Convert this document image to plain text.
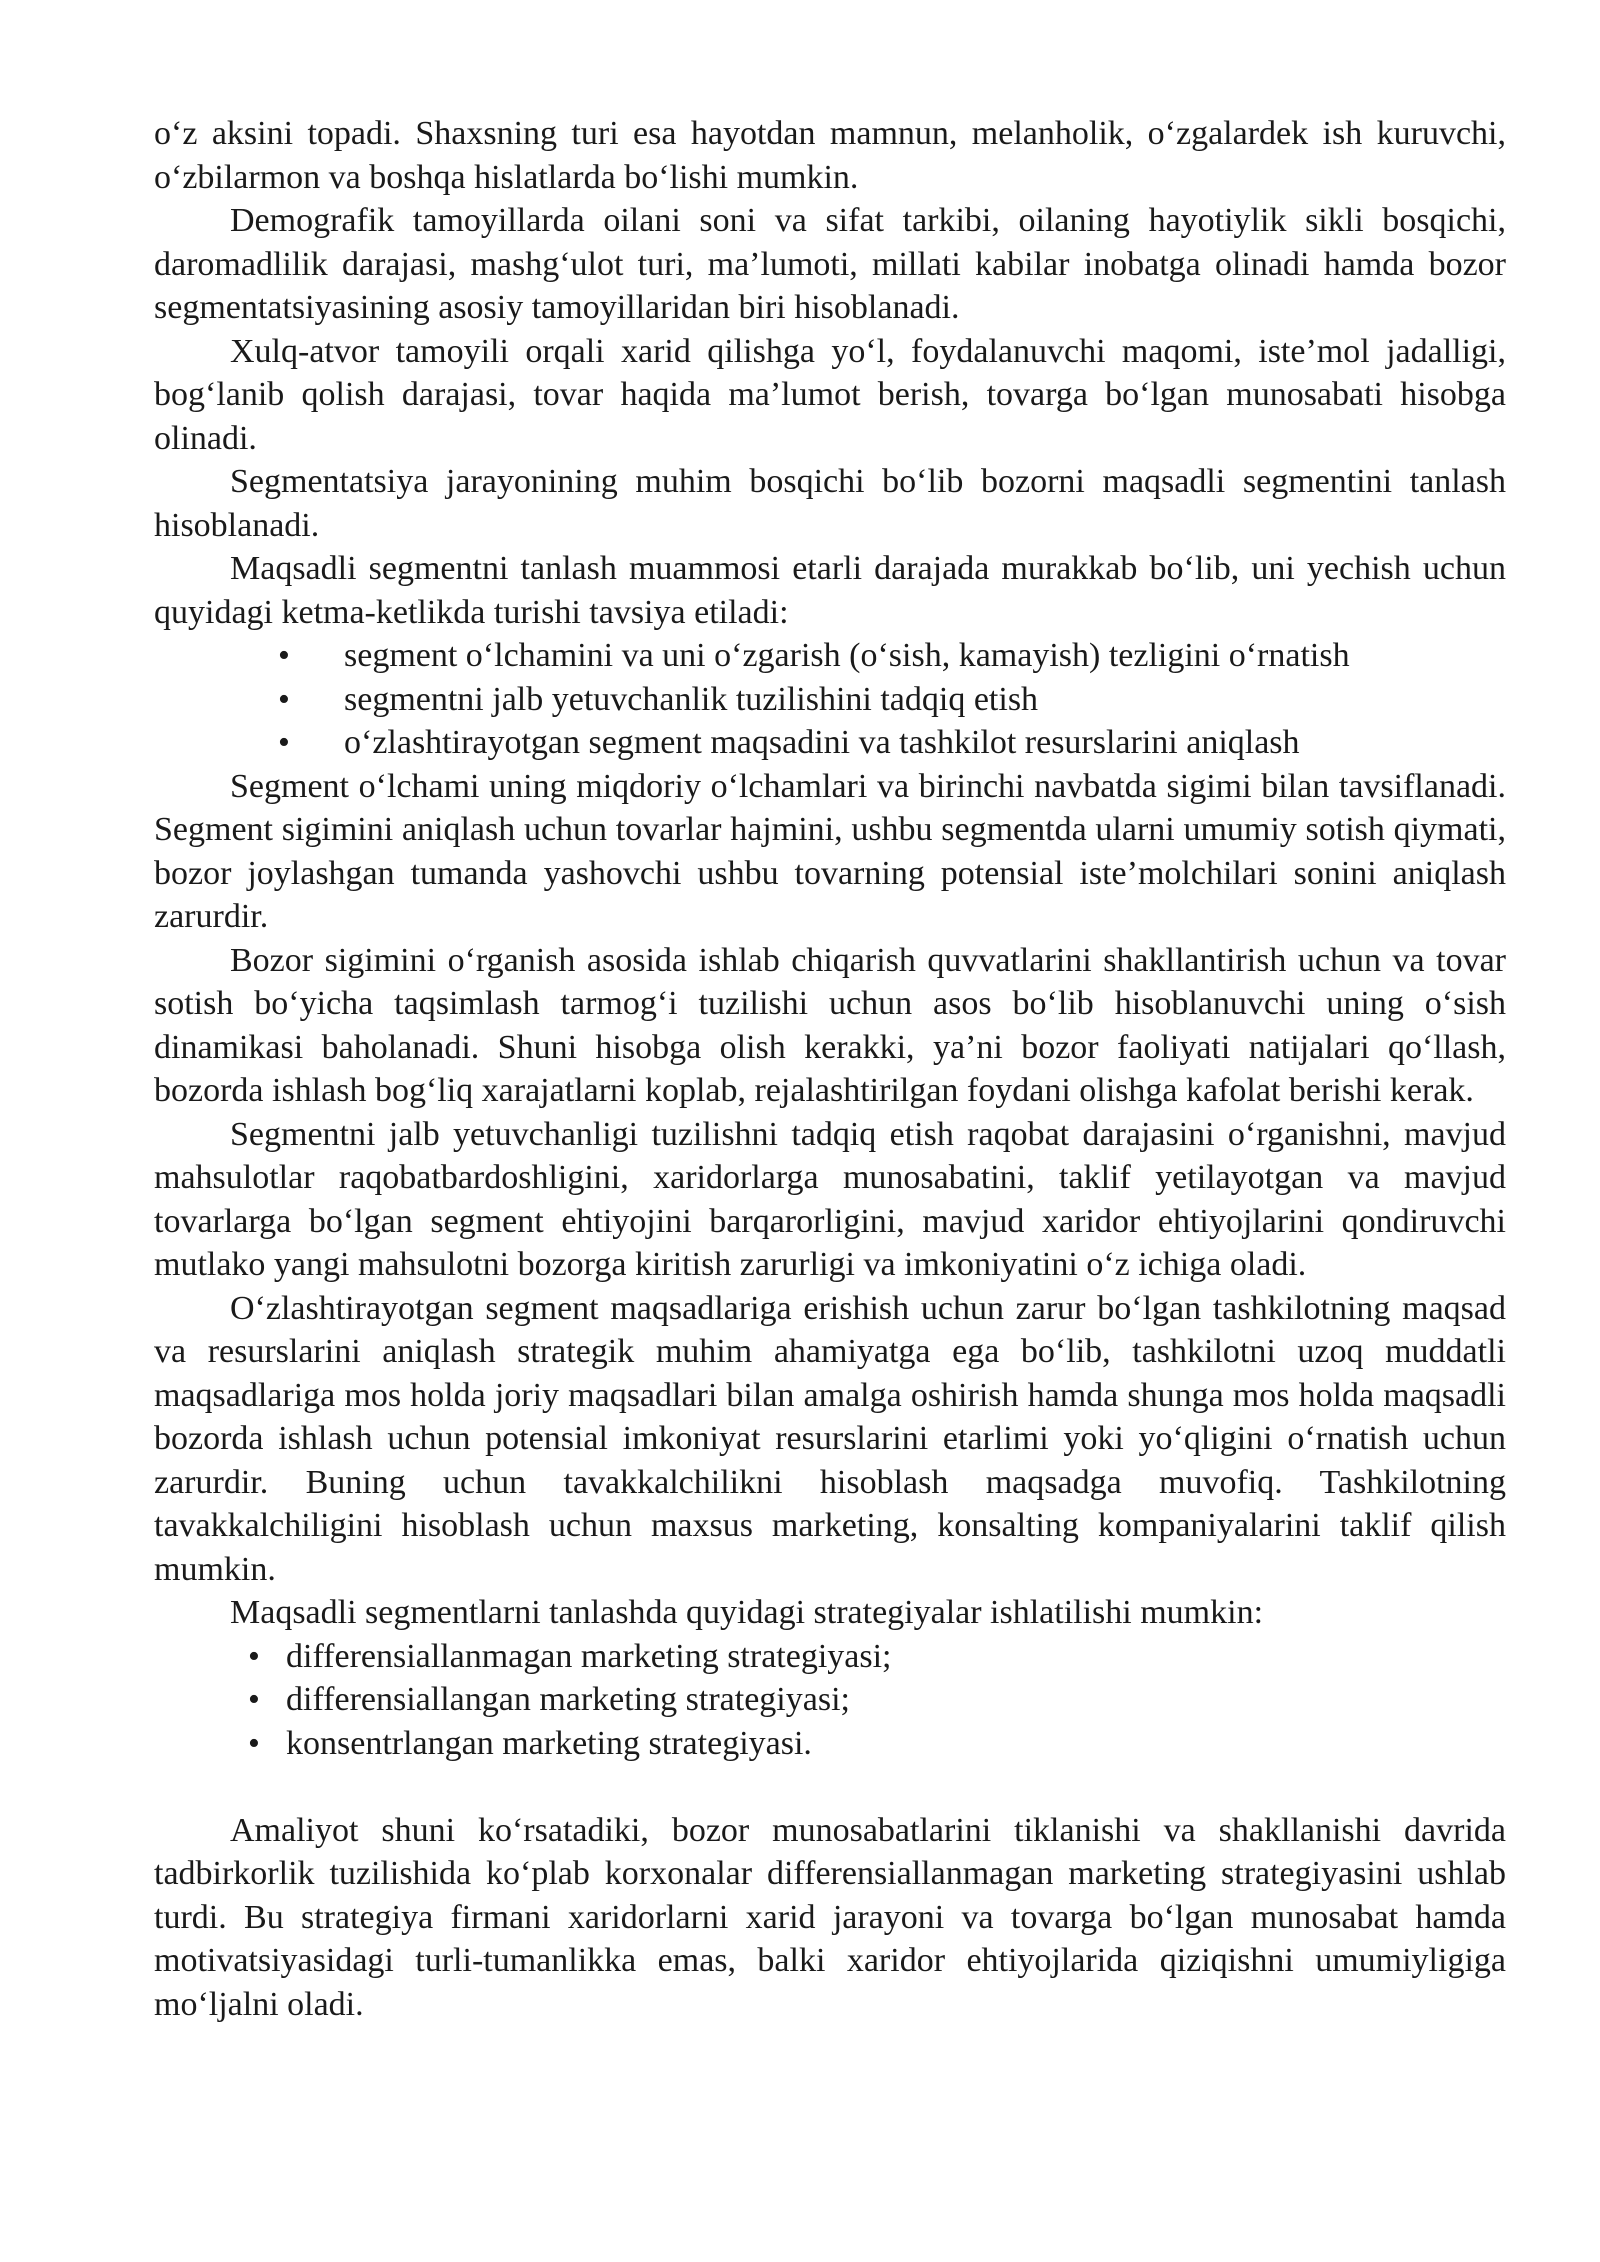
o‘z aksini topadi. Shaxsning turi esa hayotdan mamnun, melanholik, o‘zgalardek ish kuruvchi, o‘zbilarmon va boshqa hislatlarda bo‘lishi mumkin.

Demografik tamoyillarda oilani soni va sifat tarkibi, oilaning hayotiylik sikli bosqichi, daromadlilik darajasi, mashg‘ulot turi, ma’lumoti, millati kabilar inobatga olinadi hamda bozor segmentatsiyasining asosiy tamoyillaridan biri hisoblanadi.

Xulq-atvor tamoyili orqali xarid qilishga yo‘l, foydalanuvchi maqomi, iste’mol jadalligi, bog‘lanib qolish darajasi, tovar haqida ma’lumot berish, tovarga bo‘lgan munosabati hisobga olinadi.

Segmentatsiya jarayonining muhim bosqichi bo‘lib bozorni maqsadli segmentini tanlash hisoblanadi.

Maqsadli segmentni tanlash muammosi etarli darajada murakkab bo‘lib, uni yechish uchun quyidagi ketma-ketlikda turishi tavsiya etiladi:

• segment o‘lchamini va uni o‘zgarish (o‘sish, kamayish) tezligini o‘rnatish
• segmentni jalb yetuvchanlik tuzilishini tadqiq etish
• o‘zlashtirayotgan segment maqsadini va tashkilot resurslarini aniqlash

Segment o‘lchami uning miqdoriy o‘lchamlari va birinchi navbatda sigimi bilan tavsiflanadi. Segment sigimini aniqlash uchun tovarlar hajmini, ushbu segmentda ularni umumiy sotish qiymati, bozor joylashgan tumanda yashovchi ushbu tovarning potensial iste’molchilari sonini aniqlash zarurdir.

Bozor sigimini o‘rganish asosida ishlab chiqarish quvvatlarini shakllantirish uchun va tovar sotish bo‘yicha taqsimlash tarmog‘i tuzilishi uchun asos bo‘lib hisoblanuvchi uning o‘sish dinamikasi baholanadi. Shuni hisobga olish kerakki, ya’ni bozor faoliyati natijalari qo‘llash, bozorda ishlash bog‘liq xarajatlarni koplab, rejalashtirilgan foydani olishga kafolat berishi kerak.

Segmentni jalb yetuvchanligi tuzilishni tadqiq etish raqobat darajasini o‘rganishni, mavjud mahsulotlar raqobatbardoshligini, xaridorlarga munosabatini, taklif yetilayotgan va mavjud tovarlarga bo‘lgan segment ehtiyojini barqarorligini, mavjud xaridor ehtiyojlarini qondiruvchi mutlako yangi mahsulotni bozorga kiritish zarurligi va imkoniyatini o‘z ichiga oladi.

O‘zlashtirayotgan segment maqsadlariga erishish uchun zarur bo‘lgan tashkilotning maqsad va resurslarini aniqlash strategik muhim ahamiyatga ega bo‘lib, tashkilotni uzoq muddatli maqsadlariga mos holda joriy maqsadlari bilan amalga oshirish hamda shunga mos holda maqsadli bozorda ishlash uchun potensial imkoniyat resurslarini etarlimi yoki yo‘qligini o‘rnatish uchun zarurdir. Buning uchun tavakkalchilikni hisoblash maqsadga muvofiq. Tashkilotning tavakkalchiligini hisoblash uchun maxsus marketing, konsalting kompaniyalarini taklif qilish mumkin.

Maqsadli segmentlarni tanlashda quyidagi strategiyalar ishlatilishi mumkin:

• differensiallanmagan marketing strategiyasi;
• differensiallangan marketing strategiyasi;
• konsentrlangan marketing strategiyasi.

Amaliyot shuni ko‘rsatadiki, bozor munosabatlarini tiklanishi va shakllanishi davrida tadbirkorlik tuzilishida ko‘plab korxonalar differensiallanmagan marketing strategiyasini ushlab turdi. Bu strategiya firmani xaridorlarni xarid jarayoni va tovarga bo‘lgan munosabat hamda motivatsiyasidagi turli-tumanlikka emas, balki xaridor ehtiyojlarida qiziqishni umumiyligiga mo‘ljalni oladi.
